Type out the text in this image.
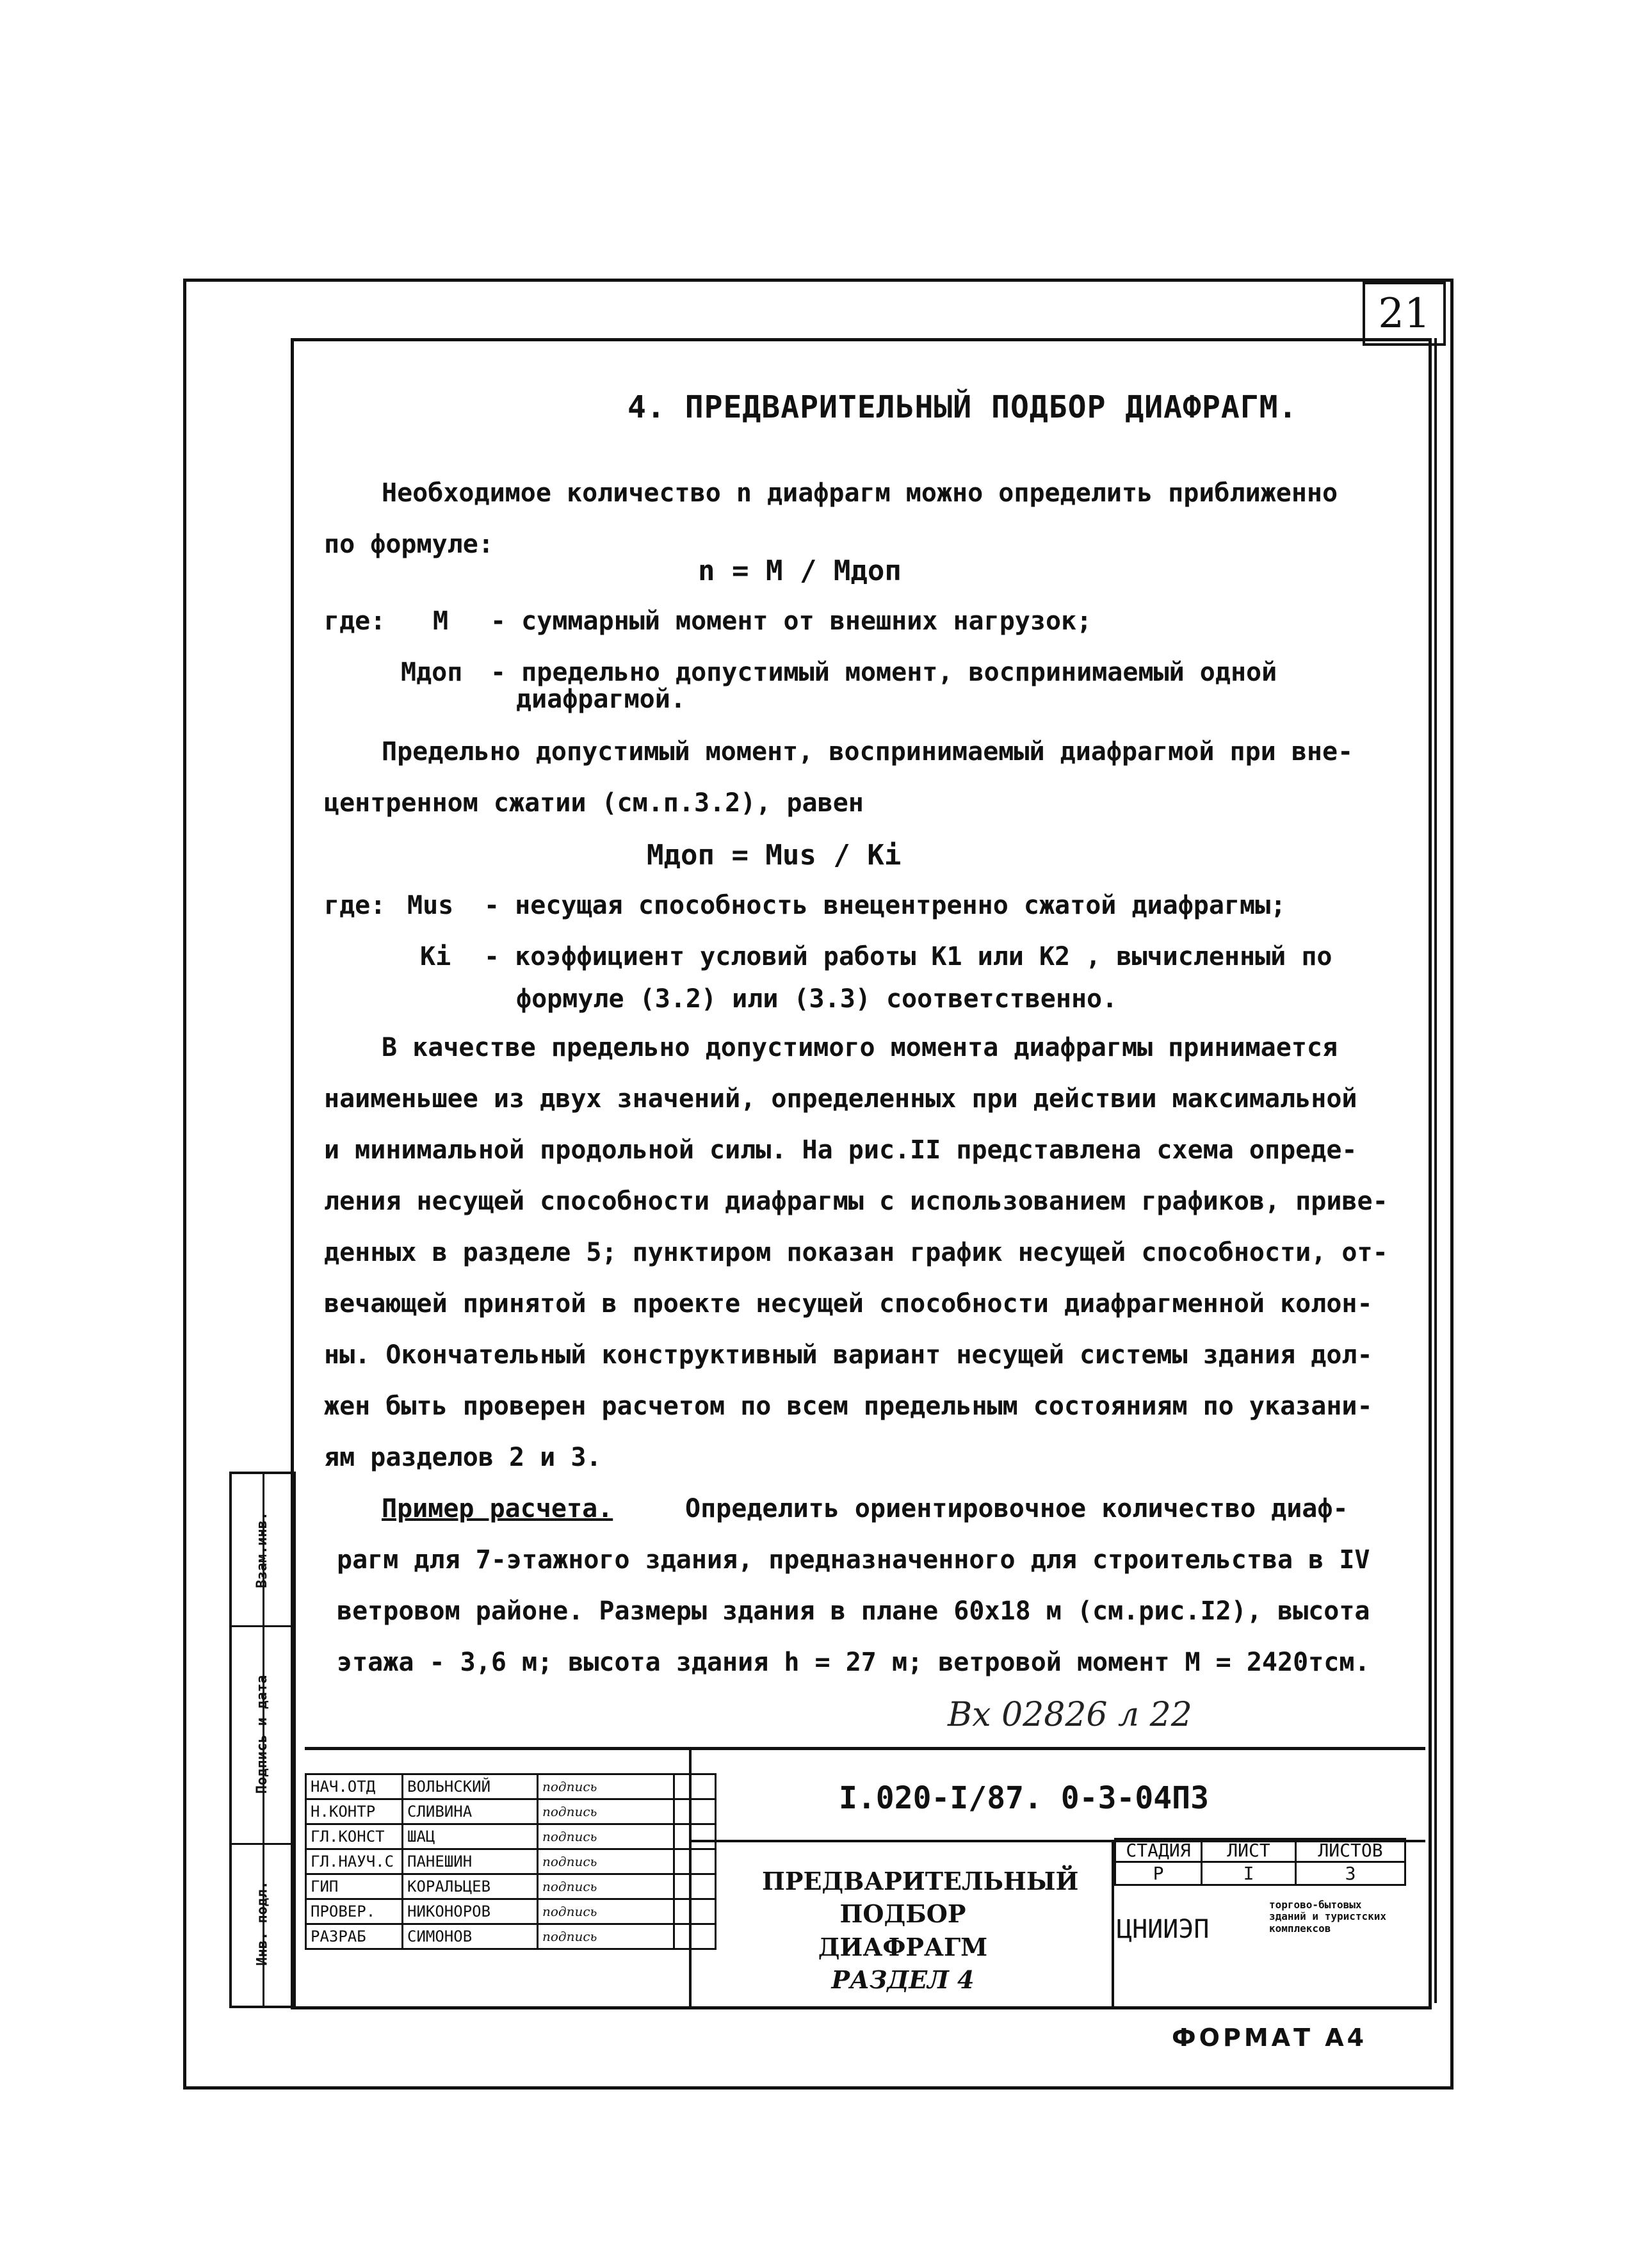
21
4. ПРЕДВАРИТЕЛЬНЫЙ ПОДБОР ДИАФРАГМ.
Необходимое количество n диафрагм можно определить приближенно
по формуле:
n = M / Mдоп
где: M - суммарный момент от внешних нагрузок;
Mдоп - предельно допустимый момент, воспринимаемый одной
диафрагмой.
Предельно допустимый момент, воспринимаемый диафрагмой при вне-
центренном сжатии (см.п.3.2), равен
Mдоп = Mus / Ki
где: Mus - несущая способность внецентренно сжатой диафрагмы;
Ki - коэффициент условий работы K1 или K2 , вычисленный по
формуле (3.2) или (3.3) соответственно.
В качестве предельно допустимого момента диафрагмы принимается
наименьшее из двух значений, определенных при действии максимальной
и минимальной продольной силы. На рис.II представлена схема опреде-
ления несущей способности диафрагмы с использованием графиков, приве-
денных в разделе 5; пунктиром показан график несущей способности, от-
вечающей принятой в проекте несущей способности диафрагменной колон-
ны. Окончательный конструктивный вариант несущей системы здания дол-
жен быть проверен расчетом по всем предельным состояниям по указани-
ям разделов 2 и 3.
Пример расчета.	Определить ориентировочное количество диаф-
рагм для 7-этажного здания, предназначенного для строительства в IV
ветровом районе. Размеры здания в плане 60х18 м (см.рис.I2), высота
этажа - 3,6 м; высота здания h = 27 м; ветровой момент M = 2420тсм.
Вх 02826 л 22
Инв. подл.
Подпись и дата
Взам.инв.
НАЧ.ОТД	ВОЛЬНСКИЙ	подпись	
Н.КОНТР	СЛИВИНА	подпись	
ГЛ.КОНСТ	ШАЦ	подпись	
ГЛ.НАУЧ.С	ПАНЕШИН	подпись	
ГИП	КОРАЛЬЦЕВ	подпись	
ПРОВЕР.	НИКОНОРОВ	подпись	
РАЗРАБ	СИМОНОВ	подпись	
I.020-I/87. 0-3-04ПЗ
ПРЕДВАРИТЕЛЬНЫЙ
ПОДБОР ДИАФРАГМ
РАЗДЕЛ 4
СТАДИЯ	ЛИСТ	ЛИСТОВ
Р	I	3
ЦНИИЭП
торгово-бытовых зданий и туристских комплексов
ФОРМАТ А4
